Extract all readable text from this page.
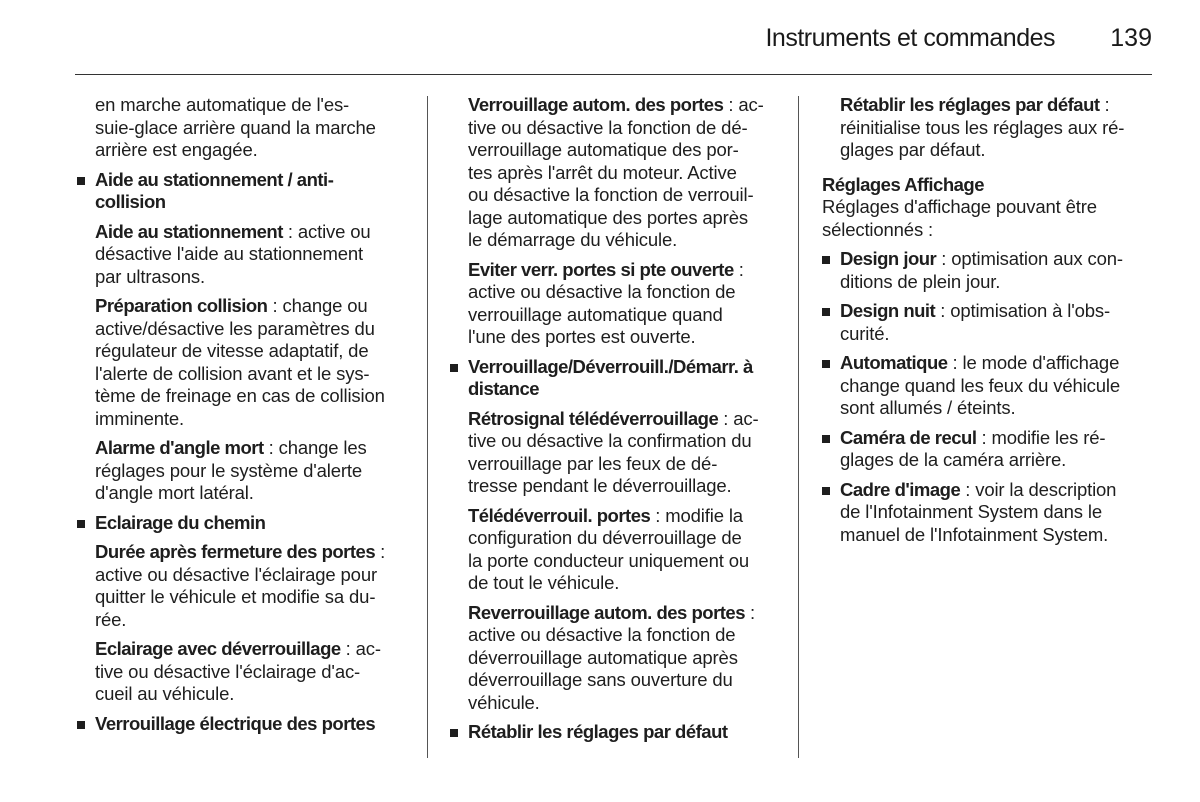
Instruments et commandes 139

en marche automatique de l'es-
suie-glace arrière quand la marche
arrière est engagée.

Aide au stationnement / anti-
collision

Aide au stationnement : active ou
désactive l'aide au stationnement
par ultrasons.

Préparation collision : change ou
active/désactive les paramètres du
régulateur de vitesse adaptatif, de
l'alerte de collision avant et le sys-
tème de freinage en cas de collision
imminente.

Alarme d'angle mort : change les
réglages pour le système d'alerte
d'angle mort latéral.

Eclairage du chemin

Durée après fermeture des portes :
active ou désactive l'éclairage pour
quitter le véhicule et modifie sa du-
rée.

Eclairage avec déverrouillage : ac-
tive ou désactive l'éclairage d'ac-
cueil au véhicule.

Verrouillage électrique des portes

Verrouillage autom. des portes : ac-
tive ou désactive la fonction de dé-
verrouillage automatique des por-
tes après l'arrêt du moteur. Active
ou désactive la fonction de verrouil-
lage automatique des portes après
le démarrage du véhicule.

Eviter verr. portes si pte ouverte :
active ou désactive la fonction de
verrouillage automatique quand
l'une des portes est ouverte.

Verrouillage/Déverrouill./Démarr. à
distance

Rétrosignal télédéverrouillage : ac-
tive ou désactive la confirmation du
verrouillage par les feux de dé-
tresse pendant le déverrouillage.

Télédéverrouil. portes : modifie la
configuration du déverrouillage de
la porte conducteur uniquement ou
de tout le véhicule.

Reverrouillage autom. des portes :
active ou désactive la fonction de
déverrouillage automatique après
déverrouillage sans ouverture du
véhicule.

Rétablir les réglages par défaut

Rétablir les réglages par défaut :
réinitialise tous les réglages aux ré-
glages par défaut.

Réglages Affichage

Réglages d'affichage pouvant être
sélectionnés :

Design jour : optimisation aux con-
ditions de plein jour.
Design nuit : optimisation à l'obs-
curité.
Automatique : le mode d'affichage
change quand les feux du véhicule
sont allumés / éteints.
Caméra de recul : modifie les ré-
glages de la caméra arrière.
Cadre d'image : voir la description
de l'Infotainment System dans le
manuel de l'Infotainment System.
